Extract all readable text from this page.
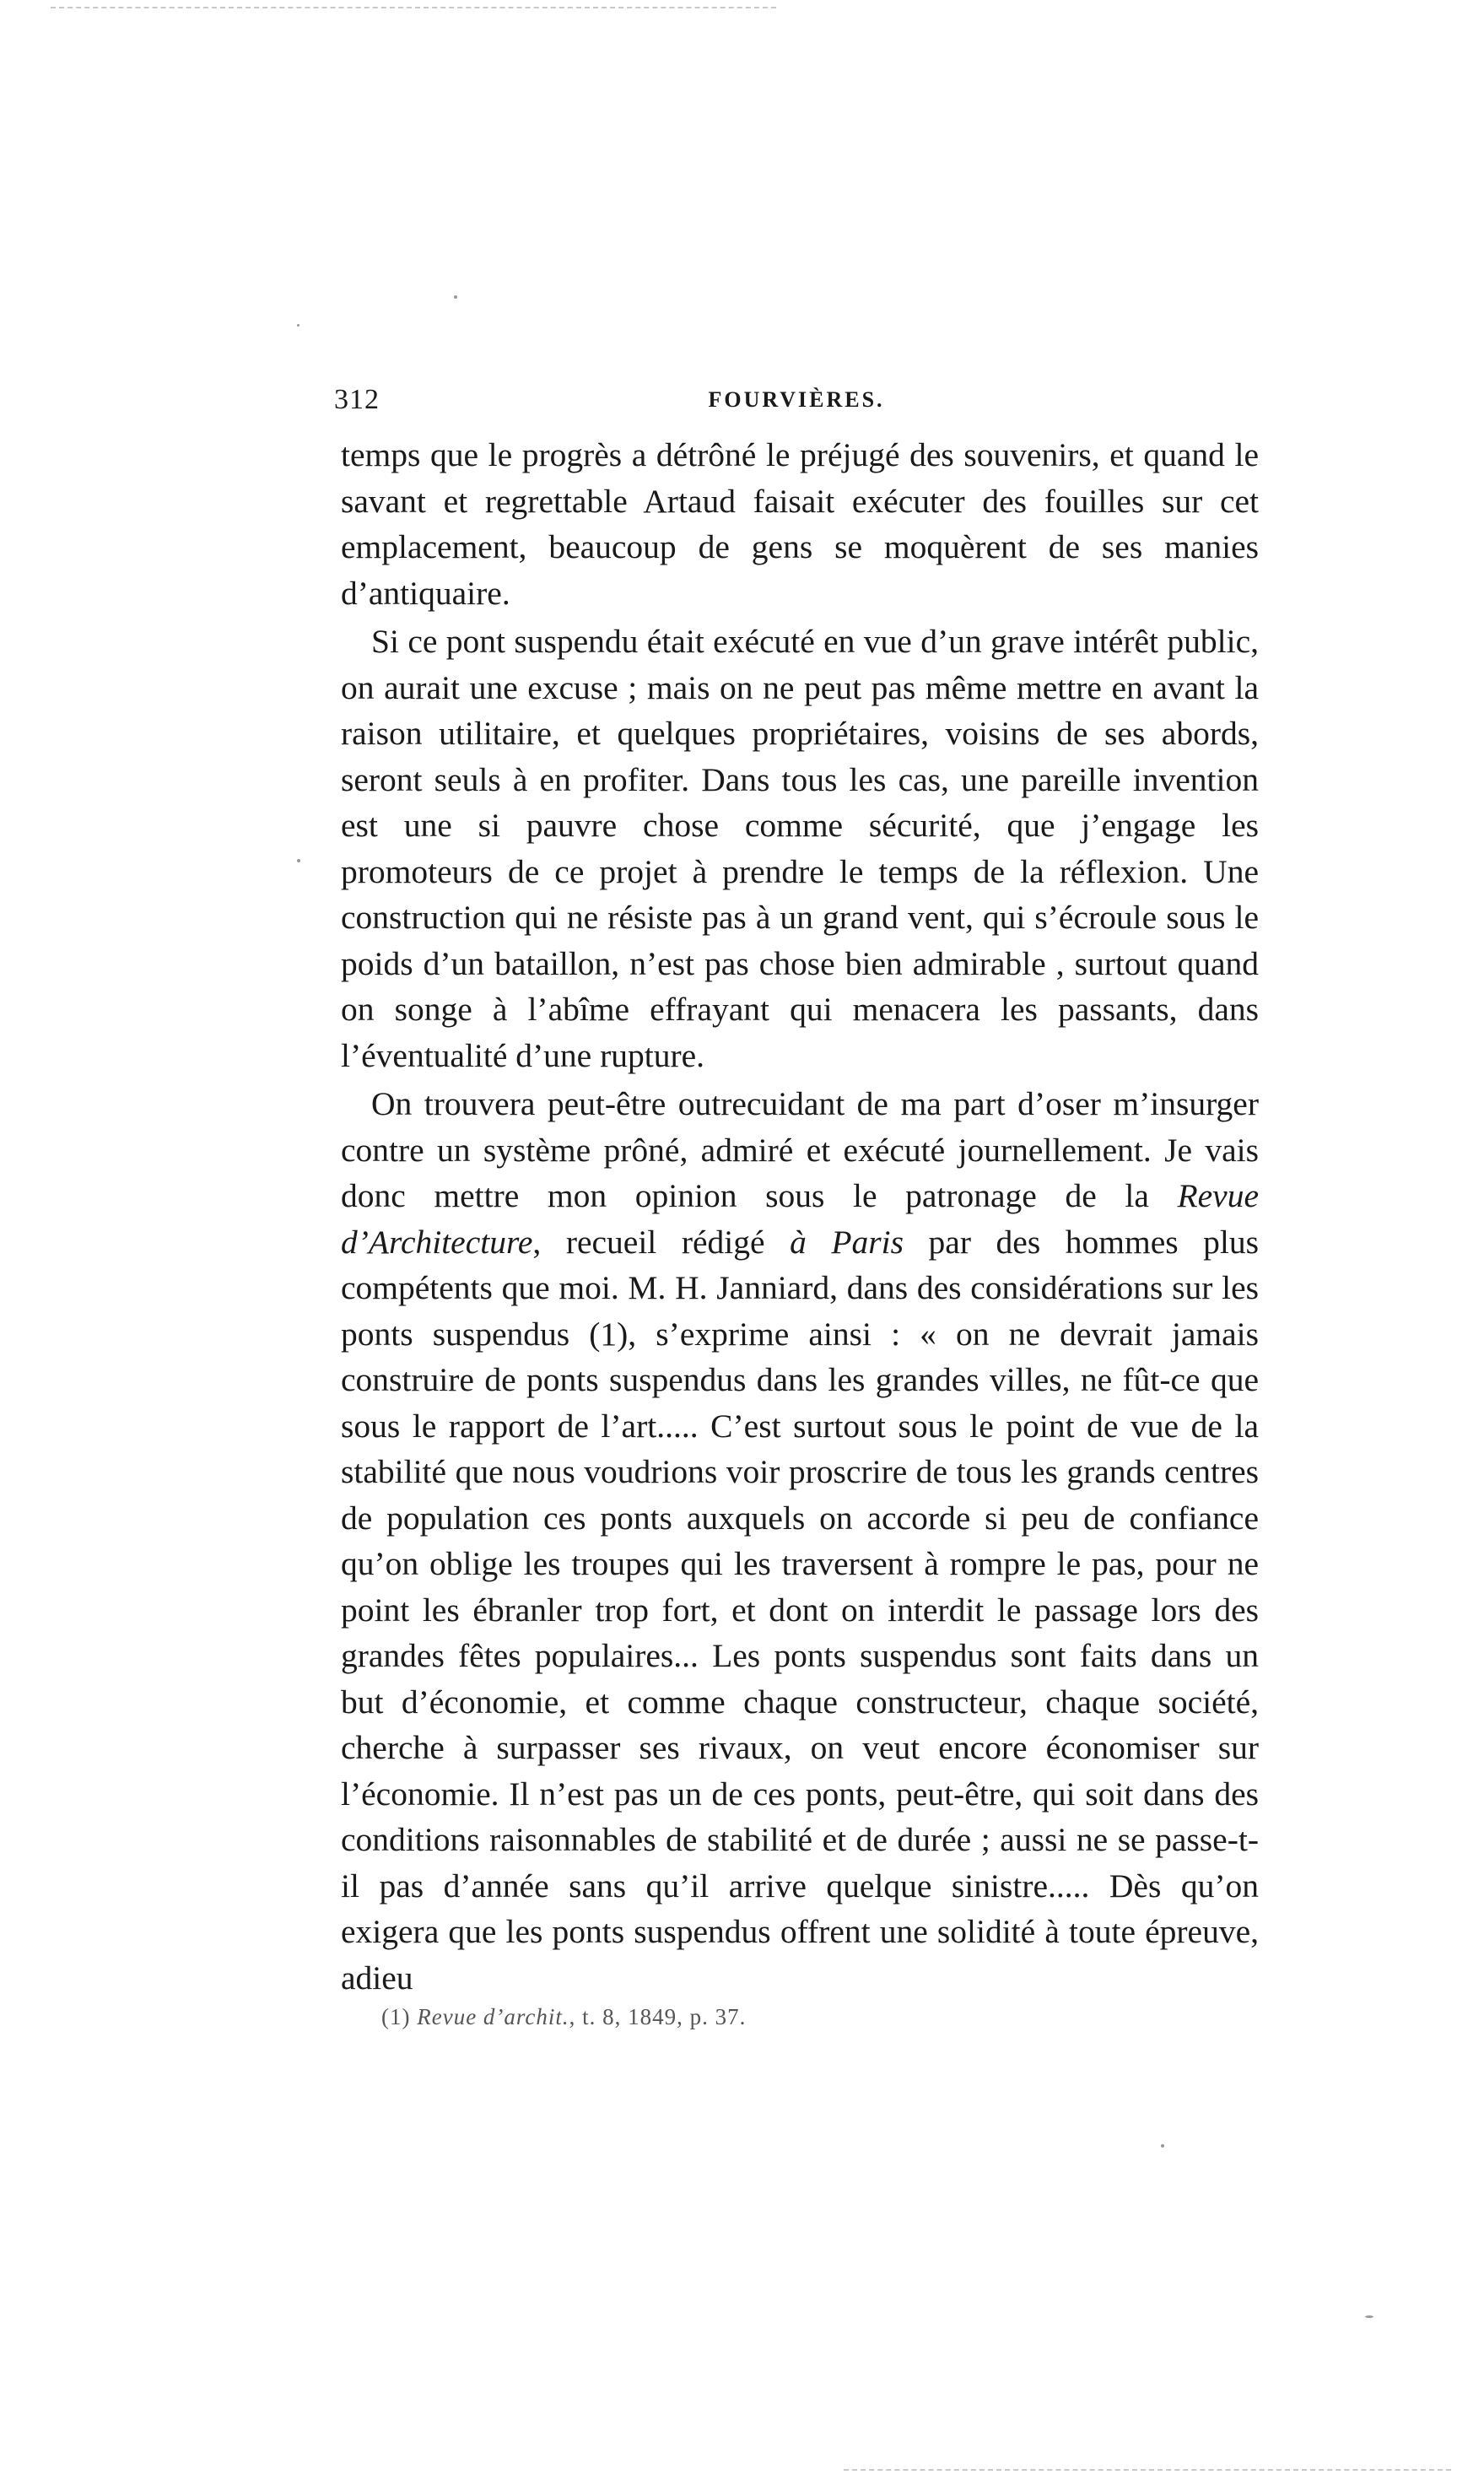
312	FOURVIÈRES.

temps que le progrès a détrôné le préjugé des souvenirs, et quand le savant et regrettable Artaud faisait exécuter des fouilles sur cet emplacement, beaucoup de gens se moquèrent de ses manies d’antiquaire.

Si ce pont suspendu était exécuté en vue d’un grave intérêt public, on aurait une excuse ; mais on ne peut pas même mettre en avant la raison utilitaire, et quelques propriétaires, voisins de ses abords, seront seuls à en profiter. Dans tous les cas, une pareille invention est une si pauvre chose comme sécurité, que j’engage les promoteurs de ce projet à prendre le temps de la réflexion. Une construction qui ne résiste pas à un grand vent, qui s’écroule sous le poids d’un bataillon, n’est pas chose bien admirable , surtout quand on songe à l’abîme effrayant qui menacera les passants, dans l’éventualité d’une rupture.

On trouvera peut-être outrecuidant de ma part d’oser m’insurger contre un système prôné, admiré et exécuté journellement. Je vais donc mettre mon opinion sous le patronage de la Revue d’Architecture, recueil rédigé à Paris par des hommes plus compétents que moi. M. H. Janniard, dans des considérations sur les ponts suspendus (1), s’exprime ainsi : « on ne devrait jamais construire de ponts suspendus dans les grandes villes, ne fût-ce que sous le rapport de l’art..... C’est surtout sous le point de vue de la stabilité que nous voudrions voir proscrire de tous les grands centres de population ces ponts auxquels on accorde si peu de confiance qu’on oblige les troupes qui les traversent à rompre le pas, pour ne point les ébranler trop fort, et dont on interdit le passage lors des grandes fêtes populaires... Les ponts suspendus sont faits dans un but d’économie, et comme chaque constructeur, chaque société, cherche à surpasser ses rivaux, on veut encore économiser sur l’économie. Il n’est pas un de ces ponts, peut-être, qui soit dans des conditions raisonnables de stabilité et de durée ; aussi ne se passe-t-il pas d’année sans qu’il arrive quelque sinistre..... Dès qu’on exigera que les ponts suspendus offrent une solidité à toute épreuve, adieu

(1) Revue d’archit., t. 8, 1849, p. 37.
